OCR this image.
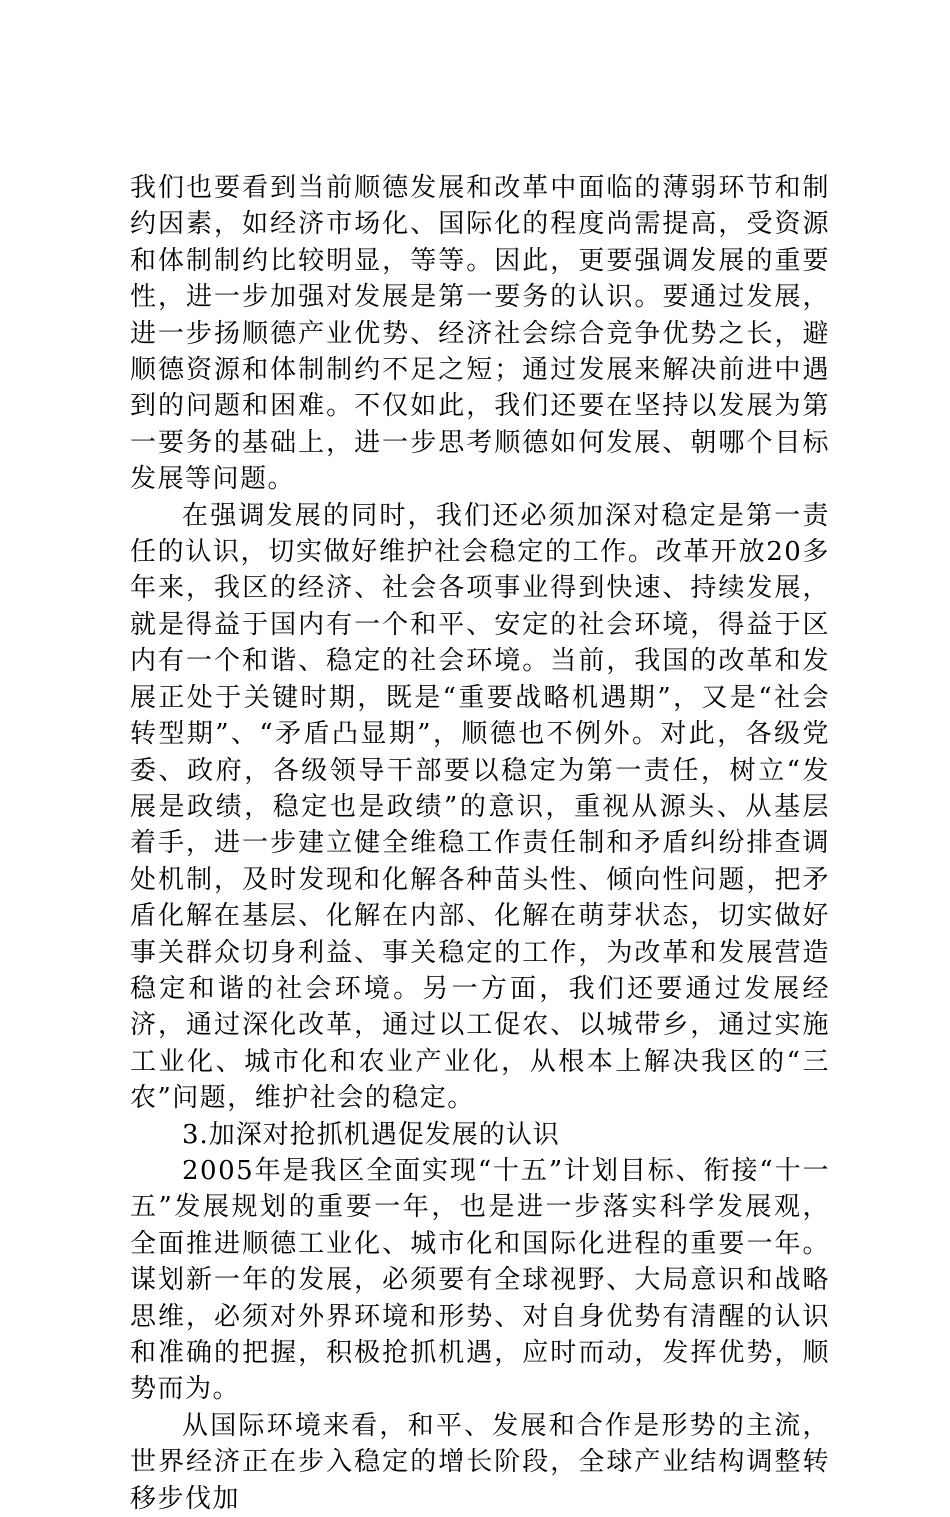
我们也要看到当前顺德发展和改革中面临的薄弱环节和制约因素，如经济市场化、国际化的程度尚需提高，受资源和体制制约比较明显，等等。因此，更要强调发展的重要性，进一步加强对发展是第一要务的认识。要通过发展，进一步扬顺德产业优势、经济社会综合竞争优势之长，避顺德资源和体制制约不足之短；通过发展来解决前进中遇到的问题和困难。不仅如此，我们还要在坚持以发展为第一要务的基础上，进一步思考顺德如何发展、朝哪个目标发展等问题。

在强调发展的同时，我们还必须加深对稳定是第一责任的认识，切实做好维护社会稳定的工作。改革开放20多年来，我区的经济、社会各项事业得到快速、持续发展，就是得益于国内有一个和平、安定的社会环境，得益于区内有一个和谐、稳定的社会环境。当前，我国的改革和发展正处于关键时期，既是“重要战略机遇期”，又是“社会转型期”、“矛盾凸显期”，顺德也不例外。对此，各级党委、政府，各级领导干部要以稳定为第一责任，树立“发展是政绩，稳定也是政绩”的意识，重视从源头、从基层着手，进一步建立健全维稳工作责任制和矛盾纠纷排查调处机制，及时发现和化解各种苗头性、倾向性问题，把矛盾化解在基层、化解在内部、化解在萌芽状态，切实做好事关群众切身利益、事关稳定的工作，为改革和发展营造稳定和谐的社会环境。另一方面，我们还要通过发展经济，通过深化改革，通过以工促农、以城带乡，通过实施工业化、城市化和农业产业化，从根本上解决我区的“三农”问题，维护社会的稳定。

3.加深对抢抓机遇促发展的认识

2005年是我区全面实现“十五”计划目标、衔接“十一五”发展规划的重要一年，也是进一步落实科学发展观，全面推进顺德工业化、城市化和国际化进程的重要一年。谋划新一年的发展，必须要有全球视野、大局意识和战略思维，必须对外界环境和形势、对自身优势有清醒的认识和准确的把握，积极抢抓机遇，应时而动，发挥优势，顺势而为。

从国际环境来看，和平、发展和合作是形势的主流，世界经济正在步入稳定的增长阶段，全球产业结构调整转移步伐加
